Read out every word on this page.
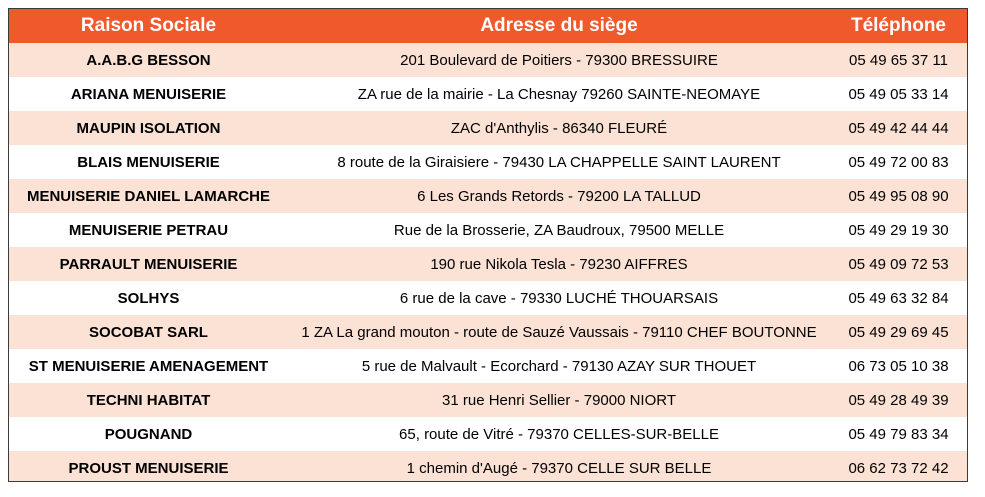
Raison Sociale	Adresse du siège	Téléphone
A.A.B.G BESSON	201 Boulevard de Poitiers - 79300 BRESSUIRE	05 49 65 37 11
ARIANA MENUISERIE	ZA rue de la mairie - La Chesnay 79260 SAINTE-NEOMAYE	05 49 05 33 14
MAUPIN ISOLATION	ZAC d'Anthylis - 86340 FLEURÉ	05 49 42 44 44
BLAIS MENUISERIE	8 route de la Giraisiere - 79430 LA CHAPPELLE SAINT LAURENT	05 49 72 00 83
MENUISERIE DANIEL LAMARCHE	6 Les Grands Retords - 79200 LA TALLUD	05 49 95 08 90
MENUISERIE PETRAU	Rue de la Brosserie, ZA Baudroux, 79500 MELLE	05 49 29 19 30
PARRAULT MENUISERIE	190 rue Nikola Tesla - 79230 AIFFRES	05 49 09 72 53
SOLHYS	6 rue de la cave - 79330 LUCHÉ THOUARSAIS	05 49 63 32 84
SOCOBAT SARL	1 ZA La grand mouton - route de Sauzé Vaussais - 79110 CHEF BOUTONNE	05 49 29 69 45
ST MENUISERIE AMENAGEMENT	5 rue de Malvault - Ecorchard - 79130 AZAY SUR THOUET	06 73 05 10 38
TECHNI HABITAT	31 rue Henri Sellier - 79000 NIORT	05 49 28 49 39
POUGNAND	65, route de Vitré - 79370 CELLES-SUR-BELLE	05 49 79 83 34
PROUST MENUISERIE	1 chemin d'Augé - 79370 CELLE SUR BELLE	06 62 73 72 42
